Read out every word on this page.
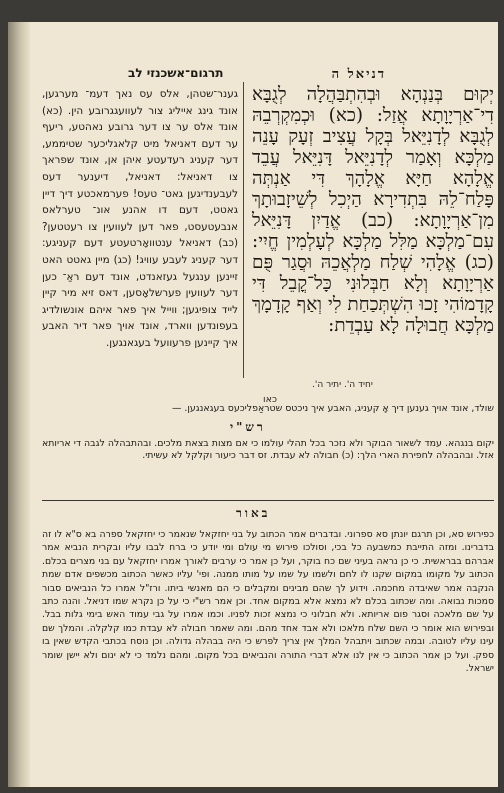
דניאל ה
תרגום־אשכנזי לב
יְקוּם בְּנַנְהָא וּבְהִתְבַּהֲלָה לְגֻבָּא דִי־אַרְיָוָתָא אֲזַל: (כא) וּכְמִקְרְבֵהּ לְגֻבָּא לְדָנִיֵּאל בְּקָל עֲצִיב זְעָק עָנֵה מַלְכָּא וְאָמַר לְדָנִיֵּאל דָּנִיֵּאל עֲבֵד אֱלָהָא חַיָּא אֱלָהָךְ דִּי אַנְתְּה פָּלַח־לֵהּ בִּתְדִירָא הַיְכִל לְשֵׁיזָבוּתָךְ מִן־אַרְיָוָתָא: (כב) אֱדַיִן דָּנִיֵּאל עִם־מַלְכָּא מַלִּל מַלְכָּא לְעָלְמִין חֱיִי: (כג) אֱלָהִי שְׁלַח מַלְאֲכֵהּ וּסֲגַר פֻּם אַרְיָוָתָא וְלָא חַבְּלוּנִי כָּל־קֳבֵל דִּי קָדָמוֹהִי זָכוּ הִשְׁתְּכַחַת לִי וְאַף קָדָמָךְ מַלְכָּא חֲבוּלָה לָא עַבְדֵת:
גענר־שטהן, אלס עס נאך דעמ־ מערגען, אונד גינג אייליג צור לעוועגגרובע הין. (כא) אונד אלס ער צו דער גרובע נאהטע, ריעף ער דעם דאניאל מיט קלאגליכער שטיממע, דער קעניג רעדעטע איהן אן, אונד שפראך צו דאניאל: דאניאל, דיענער דעס לעבענדיגען גאט־ טעס! פערמאכטע דיך דיין גאטט, דעם דו אהנע אונ־ טערלאס אנבעטעסט, פאר דען לעוועין צו רעטטען? (כב) דאניאל ענטוואָרטעטע דעם קעניגע: דער קעניג לעבע עוויג! (כג) מיין גאטט האט זיינען ענגעל געזאנדט, אונד דעם ראַ־ כען דער לעוועין פערשלאָסען, דאס זיא מיר קיין לייד צופיגען; ווייל איך פאר איהם אונשולדיג בעפונדען ווארד, אונד אויך פאר דיר האבע איך קיינען פרעוועל בעגאנגען.
יחיד ה'. יתיר ה'.
כאו
שולד, אונד אויך גענען דיך אָ קעניג, האבע איך ניכטס שטראַפליכעס בעגאנגען. —
רש"י
יקום בנגהא. עמד לשאור הבוקר ולא נזכר בכל תהלי עולמו כי אם מצות בצאת מלכים. ובהתבהלה לגבה די אריותא אזל. ובהבהלה לחפירת הארי הלך: (כ) חבולה לא עבדת. זס דבר כיעור וקלקל לא עשיתי.
באור
כפירוש סא, וכן תרגם יונתן סא ספרוני. ובדברים אמר הכתוב על בני יחזקאל שנאמר כי יחזקאל ספרה בא ס"א לו זה בדברינו. ומזה התייבת כמשבעה כל בכי, וסולכו פירוש מי עולם ומי יודע כי ברח לבבו עליו ובקרית הנביא אמר אברהם בבראשית. כי כן נראה בעיני שם כח בוקר, ועל כן אמר כי ערבים לאורך אמרו יחזקאל עם בני מצרים בכלם. הכתוב על מקומו במקום שקנו לו לחם ולשמו על שמו על מותו ממנה. ופי' עליו כאשר הכתוב מכשפים אדם שמת הנקבה אמר שאיבדה מחכמה. וידוע לך שהם מבינים ומקבלים כי הם מאנשי ביתו. ורז"ל אמרו כל הנביאים סבור סמכות נבואה. ומה שכתוב בכלם לא נמצא אלא במקום אחד. וכן אמר רש"י כי על כן נקרא שמו דניאל. והנה כתב על שם מלאכה וסגר פום אריותא. ולא חבלוני כי נמצא זכות לפניו. וכמו אמרו על גבי עמוד האש בימי גלות בבל. ובפירוש הוא אומר כי השם שלח מלאכו ולא אבד אחד מהם. ומה שאמר חבולה לא עבדת כמו קלקלה. והמלך שם עינו עליו לטובה. ובמה שכתוב ויתבהל המלך אין צריך לפרש כי היה בבהלה גדולה. וכן נוסח בכתבי הקדש שאין בו ספק. ועל כן אמר הכתוב כי אין לנו אלא דברי התורה והנביאים בכל מקום. ומהם נלמד כי לא ינום ולא יישן שומר ישראל.
